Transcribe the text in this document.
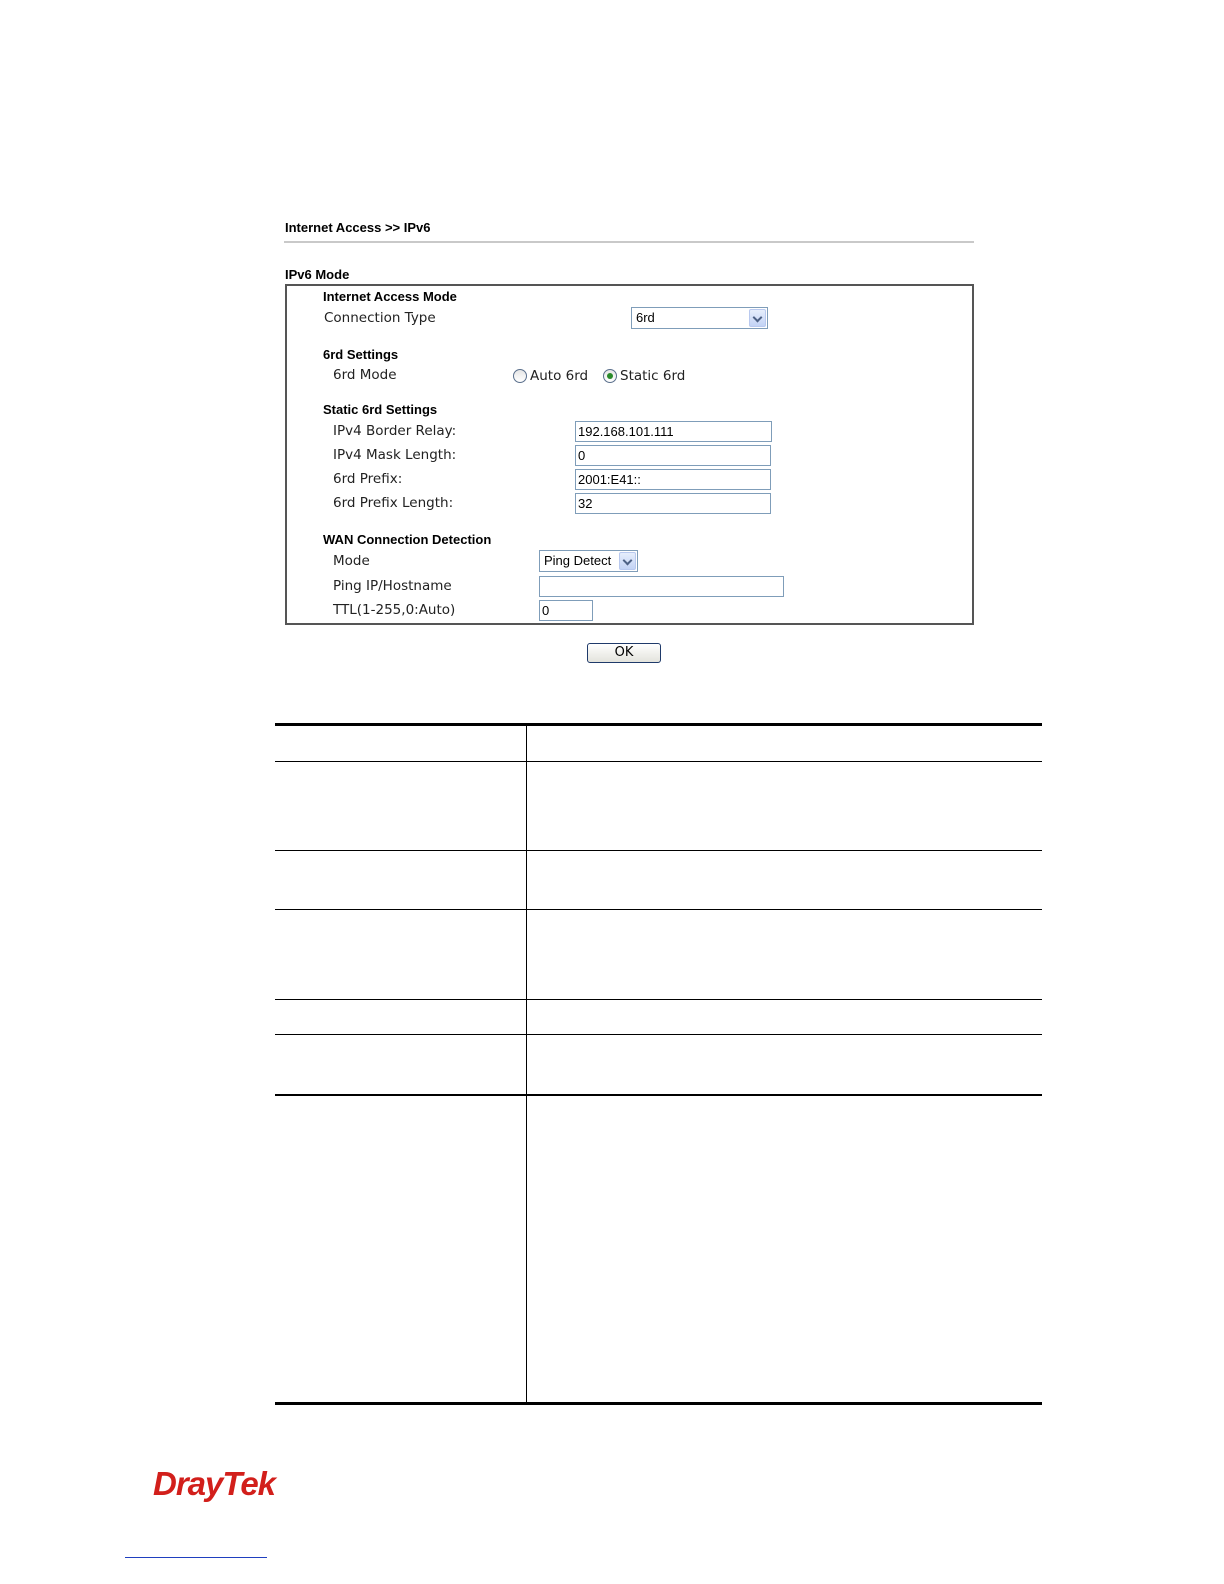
Internet Access >> IPv6
IPv6 Mode
Internet Access Mode
Connection Type	6rd
6rd Settings
6rd Mode	Auto 6rd Static 6rd
Static 6rd Settings
IPv4 Border Relay:	192.168.101.111
IPv4 Mask Length:	0
6rd Prefix:	2001:E41::
6rd Prefix Length:	32
WAN Connection Detection
Mode	Ping Detect
Ping IP/Hostname
TTL(1-255,0:Auto)	0
OK
DrayTek
